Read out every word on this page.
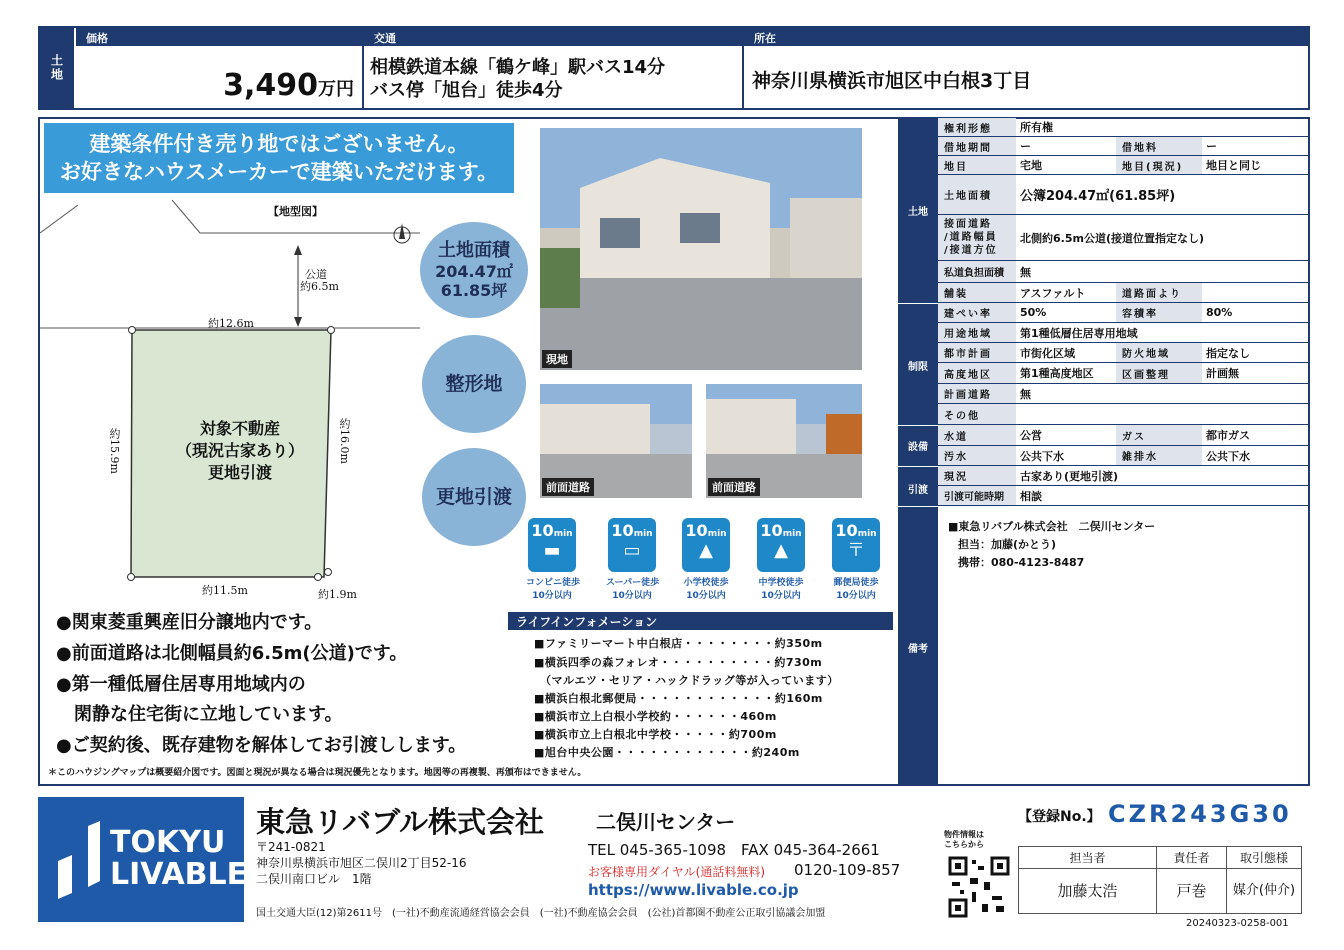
土地
価格	交通	所在
3,490万円
相模鉄道本線「鶴ケ峰」駅バス14分
バス停「旭台」徒歩4分	神奈川県横浜市旭区中白根3丁目
建築条件付き売り地ではございません。
お好きなハウスメーカーで建築いただけます。
【地型図】
公道
約6.5m
約12.6m
約15.9m	約16.0m
約11.5m	約1.9m
対象不動産
（現況古家あり）
更地引渡
土地面積
204.47㎡
61.85坪
整形地
更地引渡
現地
前面道路	前面道路
10min
▬
コンビニ徒歩
10分以内
10min
▭
スーパー徒歩
10分以内
10min
▲
小学校徒歩
10分以内
10min
▲
中学校徒歩
10分以内
10min
〒
郵便局徒歩
10分以内
●関東菱重興産旧分譲地内です。
●前面道路は北側幅員約6.5m(公道)です。
●第一種低層住居専用地域内の
　閑静な住宅街に立地しています。
●ご契約後、既存建物を解体してお引渡しします。
＊このハウジングマップは概要紹介図です。図面と現況が異なる場合は現況優先となります。地図等の再複製、再頒布はできません。
ライフインフォメーション
■ファミリーマート中白根店・・・・・・・・約350m
■横浜四季の森フォレオ・・・・・・・・・・約730m
　（マルエツ・セリア・ハックドラッグ等が入っています）
■横浜白根北郵便局・・・・・・・・・・・・約160m
■横浜市立上白根小学校約・・・・・・460m
■横浜市立上白根北中学校・・・・・約700m
■旭台中央公園・・・・・・・・・・・・約240m
土地
制限
設備
引渡
備考
権利形態	所有権
借地期間	ー	借地料	ー
地目	宅地	地目(現況)	地目と同じ
土地面積	公簿204.47㎡(61.85坪)
接面道路
/道路幅員
/接道方位
北側約6.5m公道(接道位置指定なし)
私道負担面積	無
舗装	アスファルト	道路面より
建ぺい率	50%	容積率	80%
用途地域	第1種低層住居専用地域
都市計画	市街化区域	防火地域	指定なし
高度地区	第1種高度地区	区画整理	計画無
計画道路	無
その他
水道	公営	ガス	都市ガス
汚水	公共下水	雑排水	公共下水
現況	古家あり(更地引渡)
引渡可能時期	相談
■東急リバブル株式会社　二俣川センター
担当：加藤(かとう)
携帯：080-4123-8487
TOKYU
LIVABLE
東急リバブル株式会社	二俣川センター
〒241-0821
神奈川県横浜市旭区二俣川2丁目52-16
二俣川南口ビル　1階
TEL 045-365-1098　FAX 045-364-2661
お客様専用ダイヤル(通話料無料) 0120-109-857
https://www.livable.co.jp
国土交通大臣(12)第2611号　(一社)不動産流通経営協会会員　(一社)不動産協会会員　(公社)首都圏不動産公正取引協議会加盟
物件情報は
こちらから
【登録No.】 CZR243G30
担当者	責任者	取引態様
加藤太浩	戸巻	媒介(仲介)
20240323-0258-001
